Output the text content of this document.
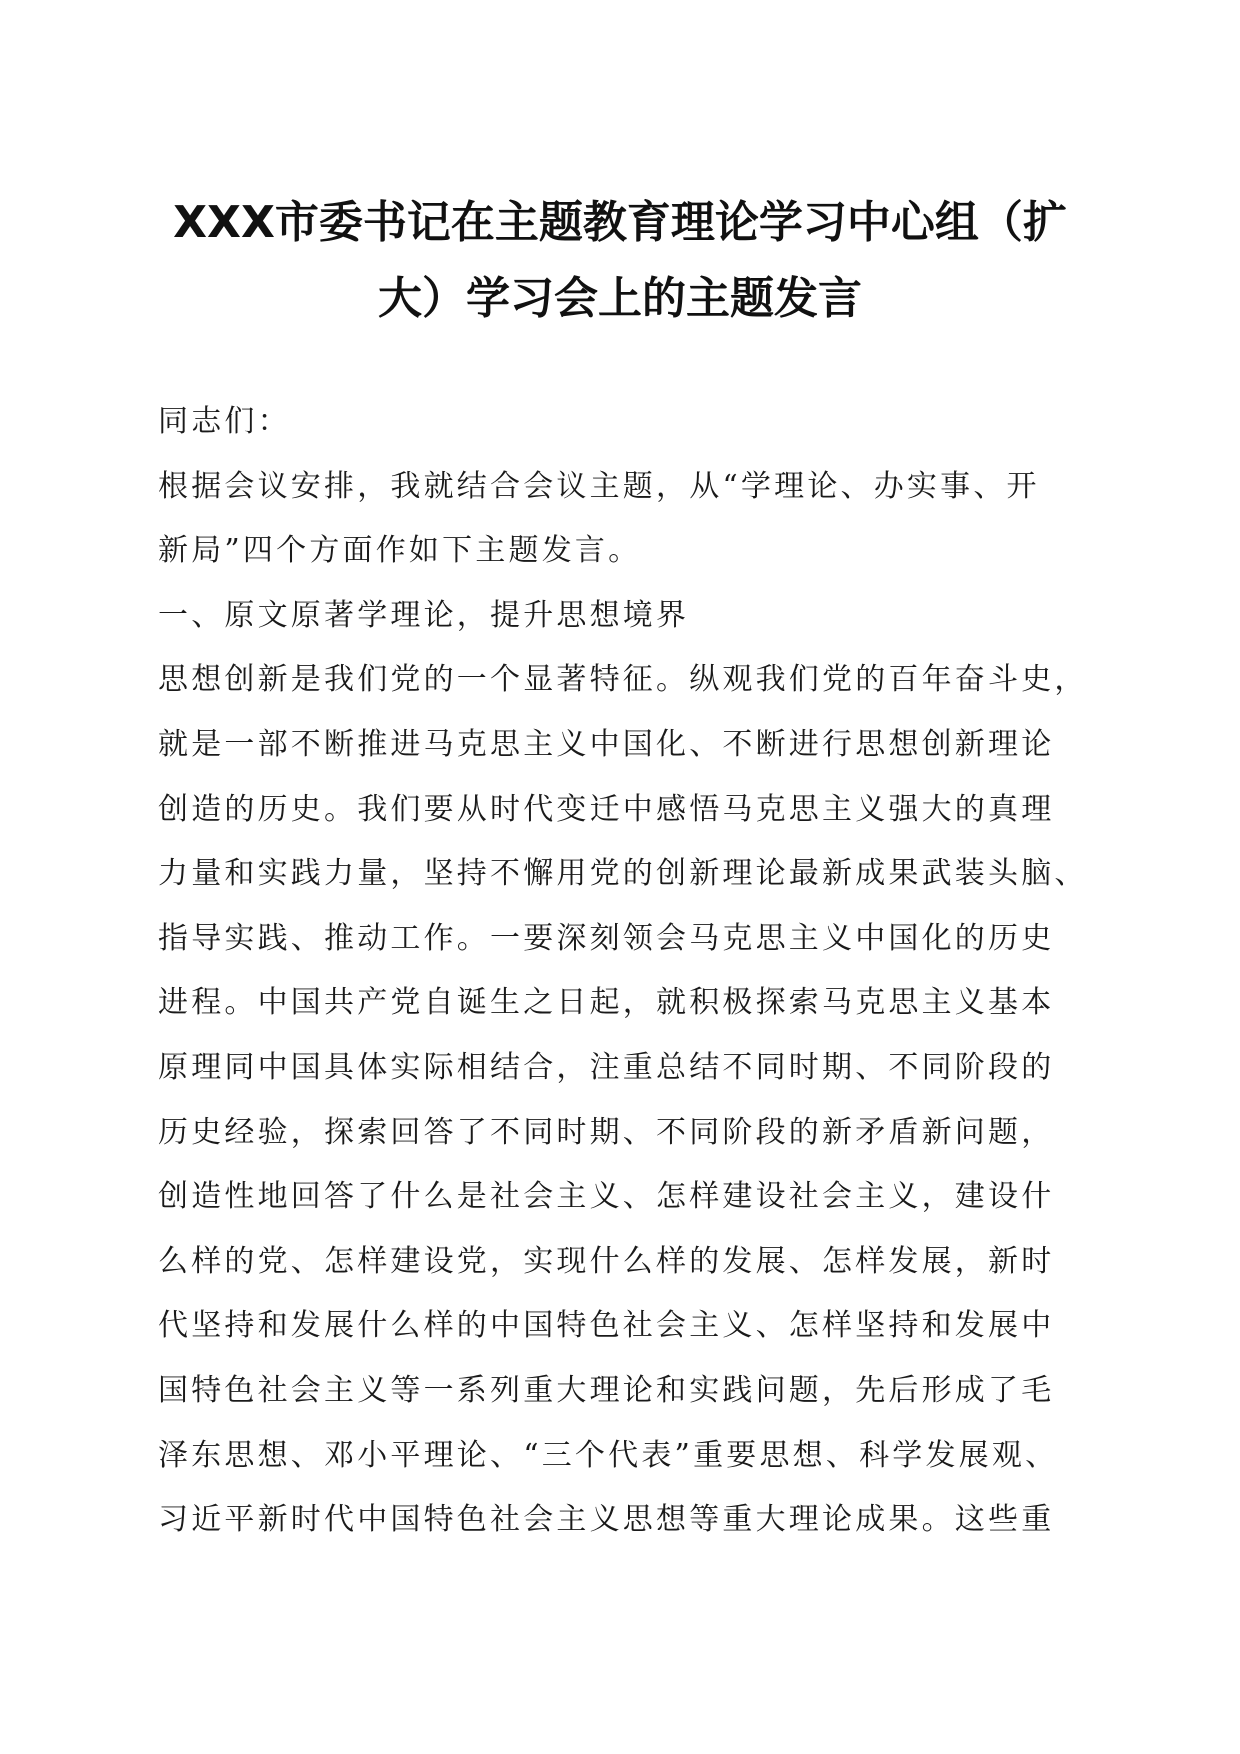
XXX市委书记在主题教育理论学习中心组（扩
大）学习会上的主题发言
同志们：
根据会议安排，我就结合会议主题，从“学理论、办实事、开
新局”四个方面作如下主题发言。
一、原文原著学理论，提升思想境界
思想创新是我们党的一个显著特征。纵观我们党的百年奋斗史，
就是一部不断推进马克思主义中国化、不断进行思想创新理论
创造的历史。我们要从时代变迁中感悟马克思主义强大的真理
力量和实践力量，坚持不懈用党的创新理论最新成果武装头脑、
指导实践、推动工作。一要深刻领会马克思主义中国化的历史
进程。中国共产党自诞生之日起，就积极探索马克思主义基本
原理同中国具体实际相结合，注重总结不同时期、不同阶段的
历史经验，探索回答了不同时期、不同阶段的新矛盾新问题，
创造性地回答了什么是社会主义、怎样建设社会主义，建设什
么样的党、怎样建设党，实现什么样的发展、怎样发展，新时
代坚持和发展什么样的中国特色社会主义、怎样坚持和发展中
国特色社会主义等一系列重大理论和实践问题，先后形成了毛
泽东思想、邓小平理论、“三个代表”重要思想、科学发展观、
习近平新时代中国特色社会主义思想等重大理论成果。这些重
